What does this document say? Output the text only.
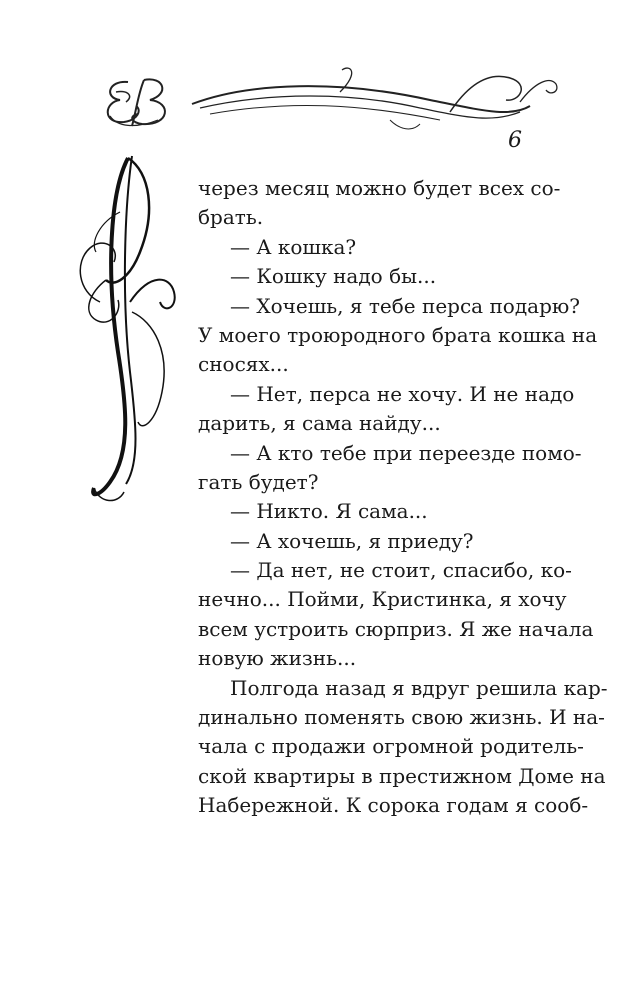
6
через месяц можно будет всех со-
брать.
— А кошка?
— Кошку надо бы...
— Хочешь, я тебе перса подарю?
У моего троюродного брата кошка на
сносях...
— Нет, перса не хочу. И не надо
дарить, я сама найду...
— А кто тебе при переезде помо-
гать будет?
— Никто. Я сама...
— А хочешь, я приеду?
— Да нет, не стоит, спасибо, ко-
нечно... Пойми, Кристинка, я хочу
всем устроить сюрприз. Я же начала
новую жизнь...
Полгода назад я вдруг решила кар-
динально поменять свою жизнь. И на-
чала с продажи огромной родитель-
ской квартиры в престижном Доме на
Набережной. К сорока годам я сооб-
